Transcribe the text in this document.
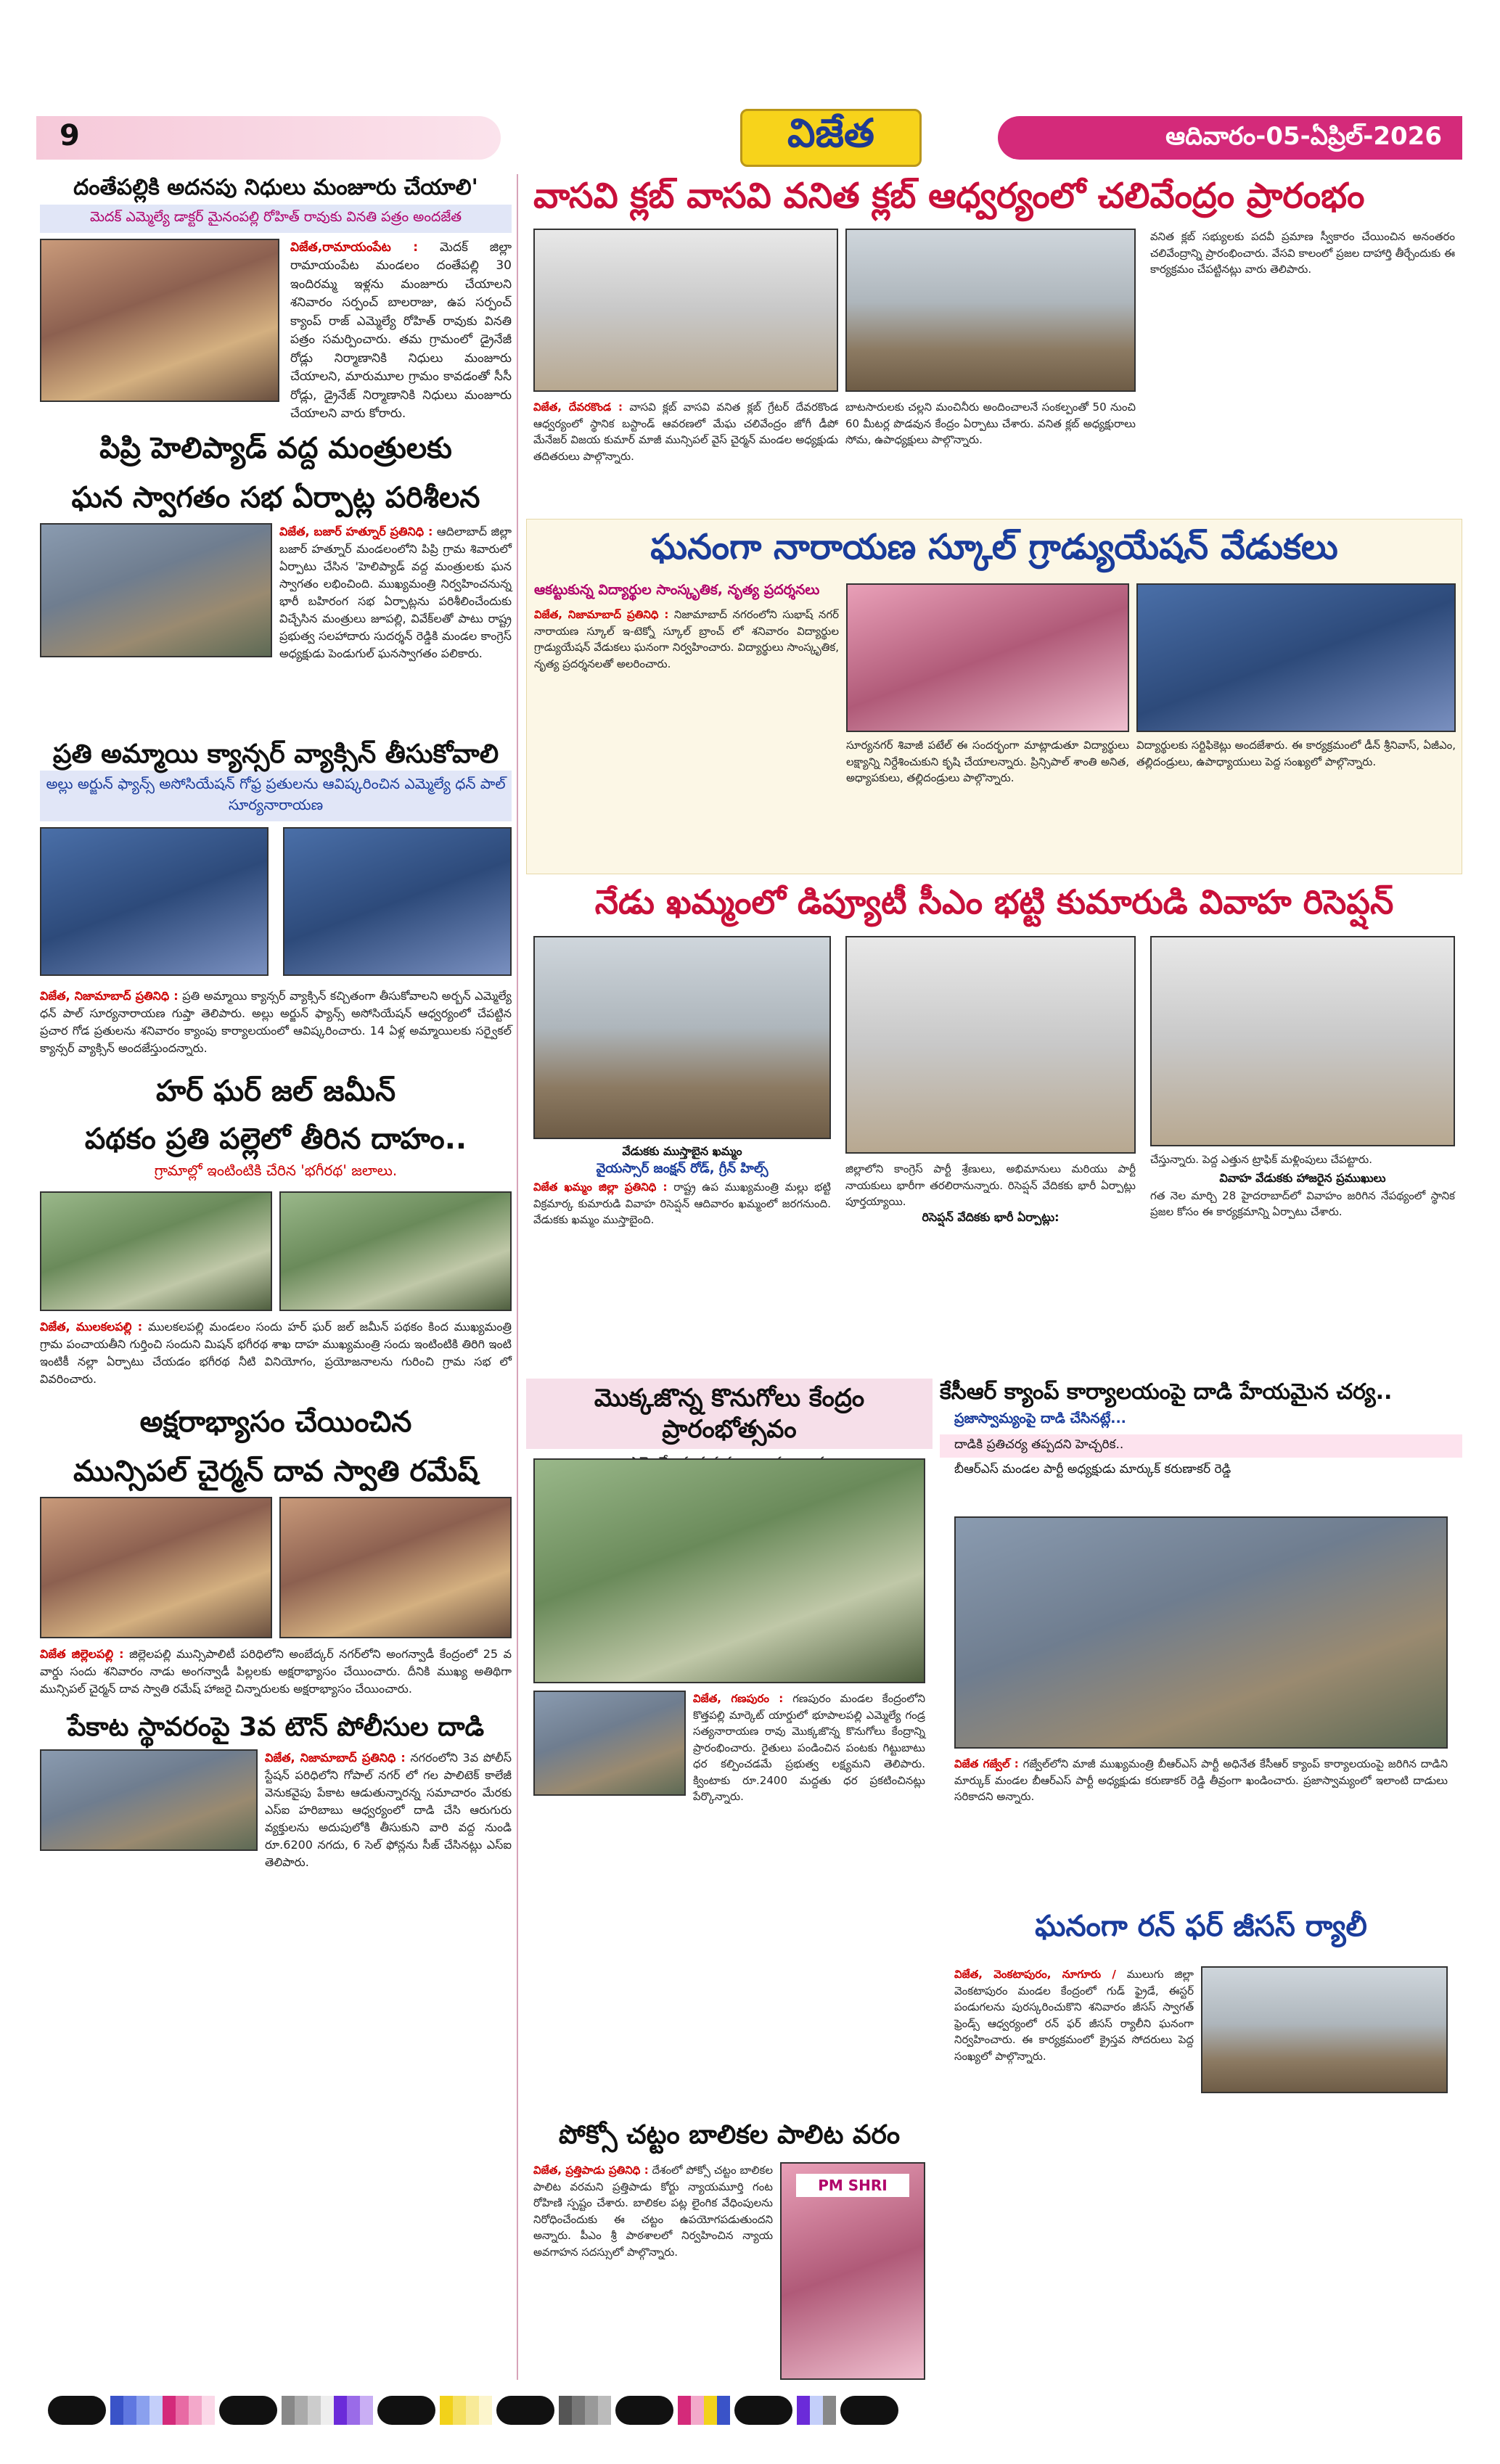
9	ఆదివారం-05-ఏప్రిల్-2026
విజేత
దంతేపల్లికి అదనపు నిధులు మంజూరు చేయాలి'
మెదక్ ఎమ్మెల్యే డాక్టర్ మైనంపల్లి రోహిత్ రావుకు వినతి పత్రం అందజేత
విజేత,రామాయంపేట : మెదక్ జిల్లా రామాయంపేట మండలం దంతేపల్లి 30 ఇందిరమ్మ ఇళ్లను మంజూరు చేయాలని శనివారం సర్పంచ్ బాలరాజు, ఉప సర్పంచ్ క్యాంప్ రాజ్ ఎమ్మెల్యే రోహిత్ రావుకు వినతి పత్రం సమర్పించారు. తమ గ్రామంలో డ్రైనేజీ రోడ్లు నిర్మాణానికి నిధులు మంజూరు చేయాలని, మారుమూల గ్రామం కావడంతో సీసీ రోడ్లు, డ్రైనేజ్ నిర్మాణానికి నిధులు మంజూరు చేయాలని వారు కోరారు.
పిప్రి హెలిప్యాడ్ వద్ద మంత్రులకు
ఘన స్వాగతం సభ ఏర్పాట్ల పరిశీలన
విజేత, బజార్ హత్నూర్ ప్రతినిధి : ఆదిలాబాద్ జిల్లా బజార్ హత్నూర్ మండలంలోని పిప్రి గ్రామ శివారులో ఏర్పాటు చేసిన 'హెలిప్యాడ్ వద్ద మంత్రులకు ఘన స్వాగతం లభించింది. ముఖ్యమంత్రి నిర్వహించనున్న భారీ బహిరంగ సభ ఏర్పాట్లను పరిశీలించేందుకు విచ్చేసిన మంత్రులు జూపల్లి, వివేక్‌లతో పాటు రాష్ట్ర ప్రభుత్వ సలహాదారు సుదర్శన్ రెడ్డికి మండల కాంగ్రెస్ అధ్యక్షుడు పెండుగుల్ ఘనస్వాగతం పలికారు.
ప్రతి అమ్మాయి క్యాన్సర్ వ్యాక్సిన్ తీసుకోవాలి
అల్లు అర్జున్ ఫ్యాన్స్ అసోసియేషన్ గోఫ్ర ప్రతులను ఆవిష్కరించిన ఎమ్మెల్యే ధన్ పాల్ సూర్యనారాయణ
విజేత, నిజామాబాద్ ప్రతినిధి : ప్రతి అమ్మాయి క్యాన్సర్ వ్యాక్సిన్ కచ్చితంగా తీసుకోవాలని అర్బన్ ఎమ్మెల్యే ధన్ పాల్ సూర్యనారాయణ గుప్తా తెలిపారు. అల్లు అర్జున్ ఫ్యాన్స్ అసోసియేషన్ ఆధ్వర్యంలో చేపట్టిన ప్రచార గోడ ప్రతులను శనివారం క్యాంపు కార్యాలయంలో ఆవిష్కరించారు. 14 ఏళ్ల అమ్మాయిలకు సర్వైకల్ క్యాన్సర్ వ్యాక్సిన్ అందజేస్తుందన్నారు.
హర్ ఘర్ జల్ జమీన్
పథకం ప్రతి పల్లెలో తీరిన దాహం..
గ్రామాల్లో ఇంటింటికి చేరిన 'భగీరథ' జలాలు.
విజేత, ములకలపల్లి : ములకలపల్లి మండలం సందు హర్ ఘర్ జల్ జమీన్ పథకం కింద ముఖ్యమంత్రి గ్రామ పంచాయతీని గుర్తించి సందుని మిషన్ భగీరథ శాఖ దాహ ముఖ్యమంత్రి సందు ఇంటింటికి తిరిగి ఇంటి ఇంటికీ నల్లా ఏర్పాటు చేయడం భగీరథ నీటి వినియోగం, ప్రయోజనాలను గురించి గ్రామ సభ లో వివరించారు.
అక్షరాభ్యాసం చేయించిన
మున్సిపల్ చైర్మన్ దావ స్వాతి రమేష్
విజేత జిల్లెలపల్లి : జిల్లెలపల్లి మున్సిపాలిటీ పరిధిలోని అంబేద్కర్ నగర్‌లోని అంగన్వాడీ కేంద్రంలో 25 వ వార్డు సందు శనివారం నాడు అంగన్వాడీ పిల్లలకు అక్షరాభ్యాసం చేయించారు. దీనికి ముఖ్య అతిథిగా మున్సిపల్ చైర్మన్ దావ స్వాతి రమేష్ హాజరై చిన్నారులకు అక్షరాభ్యాసం చేయించారు.
పేకాట స్థావరంపై 3వ టౌన్ పోలీసుల దాడి
విజేత, నిజామాబాద్ ప్రతినిధి : నగరంలోని 3వ పోలీస్ స్టేషన్ పరిధిలోని గోపాల్ నగర్ లో గల పాలిటెక్ కాలేజీ వెనుకవైపు పేకాట ఆడుతున్నారన్న సమాచారం మేరకు ఎస్ఐ హరిబాబు ఆధ్వర్యంలో దాడి చేసి ఆరుగురు వ్యక్తులను అదుపులోకి తీసుకుని వారి వద్ద నుండి రూ.6200 నగదు, 6 సెల్ ఫోన్లను సీజ్ చేసినట్లు ఎస్ఐ తెలిపారు.
వాసవి క్లబ్ వాసవి వనిత క్లబ్ ఆధ్వర్యంలో చలివేంద్రం ప్రారంభం
విజేత, దేవరకొండ : వాసవి క్లబ్ వాసవి వనిత క్లబ్ గ్రేటర్ దేవరకొండ ఆధ్వర్యంలో స్థానిక బస్టాండ్ ఆవరణలో మేఘ చలివేంద్రం జోగీ డీపో మేనేజర్ విజయ కుమార్ మాజీ మున్సిపల్ వైస్ చైర్మన్ మండల అధ్యక్షుడు తదితరులు పాల్గొన్నారు.
బాటసారులకు చల్లని మంచినీరు అందించాలనే సంకల్పంతో 50 నుంచి 60 మీటర్ల పొడవున కేంద్రం ఏర్పాటు చేశారు. వనిత క్లబ్ అధ్యక్షురాలు సోమ, ఉపాధ్యక్షులు పాల్గొన్నారు.
వనిత క్లబ్ సభ్యులకు పదవీ ప్రమాణ స్వీకారం చేయించిన అనంతరం చలివేంద్రాన్ని ప్రారంభించారు. వేసవి కాలంలో ప్రజల దాహార్తి తీర్చేందుకు ఈ కార్యక్రమం చేపట్టినట్లు వారు తెలిపారు.
ఘనంగా నారాయణ స్కూల్ గ్రాడ్యుయేషన్ వేడుకలు
ఆకట్టుకున్న విద్యార్థుల సాంస్కృతిక, నృత్య ప్రదర్శనలు
విజేత, నిజామాబాద్ ప్రతినిధి : నిజామాబాద్ నగరంలోని సుభాష్ నగర్ నారాయణ స్కూల్ ఇ-టెక్నో స్కూల్ బ్రాంచ్ లో శనివారం విద్యార్థుల గ్రాడ్యుయేషన్ వేడుకలు ఘనంగా నిర్వహించారు. విద్యార్థులు సాంస్కృతిక, నృత్య ప్రదర్శనలతో అలరించారు.
సూర్యనగర్ శివాజీ పటేల్ ఈ సందర్భంగా మాట్లాడుతూ విద్యార్థులు లక్ష్యాన్ని నిర్దేశించుకుని కృషి చేయాలన్నారు. ప్రిన్సిపాల్ శాంతి అనిత, అధ్యాపకులు, తల్లిదండ్రులు పాల్గొన్నారు.
విద్యార్థులకు సర్టిఫికెట్లు అందజేశారు. ఈ కార్యక్రమంలో డీన్ శ్రీనివాస్, ఏజీఎం, తల్లిదండ్రులు, ఉపాధ్యాయులు పెద్ద సంఖ్యలో పాల్గొన్నారు.
నేడు ఖమ్మంలో డిప్యూటీ సీఎం భట్టి కుమారుడి వివాహ రిసెప్షన్
వేడుకకు ముస్తాబైన ఖమ్మం
వైయస్సార్ జంక్షన్ రోడ్, గ్రీన్ హిల్స్
విజేత ఖమ్మం జిల్లా ప్రతినిధి : రాష్ట్ర ఉప ముఖ్యమంత్రి మల్లు భట్టి విక్రమార్క కుమారుడి వివాహ రిసెప్షన్ ఆదివారం ఖమ్మంలో జరగనుంది. వేడుకకు ఖమ్మం ముస్తాబైంది.
జిల్లాలోని కాంగ్రెస్ పార్టీ శ్రేణులు, అభిమానులు మరియు పార్టీ నాయకులు భారీగా తరలిరానున్నారు. రిసెప్షన్ వేదికకు భారీ ఏర్పాట్లు పూర్తయ్యాయి.
రిసెప్షన్ వేదికకు భారీ ఏర్పాట్లు:
చేస్తున్నారు. పెద్ద ఎత్తున ట్రాఫిక్ మళ్లింపులు చేపట్టారు.
వివాహ వేడుకకు హాజరైన ప్రముఖులు
గత నెల మార్చి 28 హైదరాబాద్‌లో వివాహం జరిగిన నేపథ్యంలో స్థానిక ప్రజల కోసం ఈ కార్యక్రమాన్ని ఏర్పాటు చేశారు.
మొక్కజొన్న కొనుగోలు కేంద్రం ప్రారంభోత్సవం
విజేత, గణపురం : గణపురం మండల కేంద్రంలోని కొత్తపల్లి మార్కెట్ యార్డులో భూపాలపల్లి ఎమ్మెల్యే గండ్ర సత్యనారాయణ రావు మొక్కజొన్న కొనుగోలు కేంద్రాన్ని ప్రారంభించారు. రైతులు పండించిన పంటకు గిట్టుబాటు ధర కల్పించడమే ప్రభుత్వ లక్ష్యమని తెలిపారు. క్వింటాకు రూ.2400 మద్దతు ధర ప్రకటించినట్లు పేర్కొన్నారు.
పోక్సో చట్టం బాలికల పాలిట వరం
విజేత, ప్రత్తిపాడు ప్రతినిధి : దేశంలో పోక్సో చట్టం బాలికల పాలిట వరమని ప్రత్తిపాడు కోర్టు న్యాయమూర్తి గంట రోహిణి స్పష్టం చేశారు. బాలికల పట్ల లైంగిక వేధింపులను నిరోధించేందుకు ఈ చట్టం ఉపయోగపడుతుందని అన్నారు. పీఎం శ్రీ పాఠశాలలో నిర్వహించిన న్యాయ అవగాహన సదస్సులో పాల్గొన్నారు.
PM SHRI
కేసీఆర్ క్యాంప్ కార్యాలయంపై దాడి హేయమైన చర్య..
ప్రజాస్వామ్యంపై దాడి చేసినట్లే...
దాడికి ప్రతిచర్య తప్పదని హెచ్చరిక..
బీఆర్ఎస్ మండల పార్టీ అధ్యక్షుడు మార్కుక్ కరుణాకర్ రెడ్డి
విజేత గజ్వేల్ : గజ్వేల్‌లోని మాజీ ముఖ్యమంత్రి బీఆర్ఎస్ పార్టీ అధినేత కేసీఆర్ క్యాంప్ కార్యాలయంపై జరిగిన దాడిని మార్కుక్ మండల బీఆర్ఎస్ పార్టీ అధ్యక్షుడు కరుణాకర్ రెడ్డి తీవ్రంగా ఖండించారు. ప్రజాస్వామ్యంలో ఇలాంటి దాడులు సరికాదని అన్నారు.
ఘనంగా రన్ ఫర్ జీసస్ ర్యాలీ
విజేత, వెంకటాపురం, నూగూరు / ములుగు జిల్లా వెంకటాపురం మండల కేంద్రంలో గుడ్ ఫ్రైడే, ఈస్టర్ పండుగలను పురస్కరించుకొని శనివారం జీసస్ స్వాగత్ ఫ్రెండ్స్ ఆధ్వర్యంలో రన్ ఫర్ జీసస్ ర్యాలీని ఘనంగా నిర్వహించారు. ఈ కార్యక్రమంలో క్రైస్తవ సోదరులు పెద్ద సంఖ్యలో పాల్గొన్నారు.
